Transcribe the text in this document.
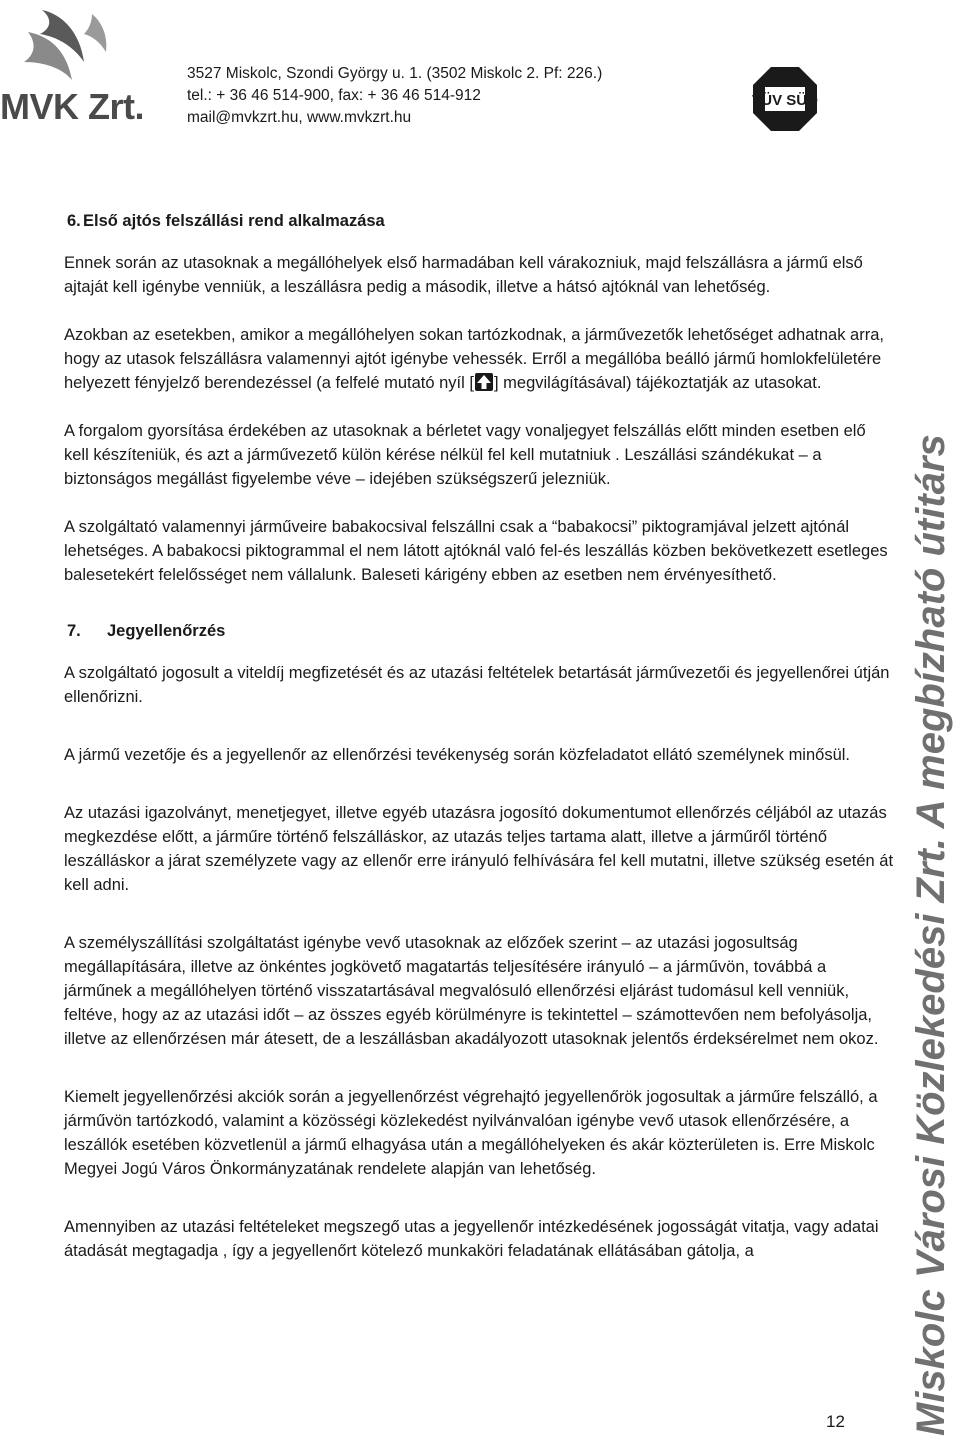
MVK Zrt.
3527 Miskolc, Szondi György u. 1. (3502 Miskolc 2. Pf: 226.)
tel.: + 36 46 514-900, fax: + 36 46 514-912
mail@mvkzrt.hu, www.mvkzrt.hu
TÜV SÜD
6. Első ajtós felszállási rend alkalmazása

Ennek során az utasoknak a megállóhelyek első harmadában kell várakozniuk, majd felszállásra a jármű első ajtaját kell igénybe venniük, a leszállásra pedig a második, illetve a hátsó ajtóknál van lehetőség.

Azokban az esetekben, amikor a megállóhelyen sokan tartózkodnak, a járművezetők lehetőséget adhatnak arra, hogy az utasok felszállásra valamennyi ajtót igénybe vehessék. Erről a megállóba beálló jármű homlokfelületére helyezett fényjelző berendezéssel (a felfelé mutató nyíl [ ] megvilágításával) tájékoztatják az utasokat.

A forgalom gyorsítása érdekében az utasoknak a bérletet vagy vonaljegyet felszállás előtt minden esetben elő kell készíteniük, és azt a járművezető külön kérése nélkül fel kell mutatniuk . Leszállási szándékukat – a biztonságos megállást figyelembe véve – idejében szükségszerű jelezniük.

A szolgáltató valamennyi járműveire babakocsival felszállni csak a “babakocsi” piktogramjával jelzett ajtónál lehetséges. A babakocsi piktogrammal el nem látott ajtóknál való fel-és leszállás közben bekövetkezett esetleges balesetekért felelősséget nem vállalunk. Baleseti kárigény ebben az esetben nem érvényesíthető.

7. Jegyellenőrzés

A szolgáltató jogosult a viteldíj megfizetését és az utazási feltételek betartását járművezetői és jegyellenőrei útján ellenőrizni.

A jármű vezetője és a jegyellenőr az ellenőrzési tevékenység során közfeladatot ellátó személynek minősül.

Az utazási igazolványt, menetjegyet, illetve egyéb utazásra jogosító dokumentumot ellenőrzés céljából az utazás megkezdése előtt, a járműre történő felszálláskor, az utazás teljes tartama alatt, illetve a járműről történő leszálláskor a járat személyzete vagy az ellenőr erre irányuló felhívására fel kell mutatni, illetve szükség esetén át kell adni.

A személyszállítási szolgáltatást igénybe vevő utasoknak az előzőek szerint – az utazási jogosultság megállapítására, illetve az önkéntes jogkövető magatartás teljesítésére irányuló – a járművön, továbbá a járműnek a megállóhelyen történő visszatartásával megvalósuló ellenőrzési eljárást tudomásul kell venniük, feltéve, hogy az az utazási időt – az összes egyéb körülményre is tekintettel – számottevően nem befolyásolja, illetve az ellenőrzésen már átesett, de a leszállásban akadályozott utasoknak jelentős érdeksérelmet nem okoz.

Kiemelt jegyellenőrzési akciók során a jegyellenőrzést végrehajtó jegyellenőrök jogosultak a járműre felszálló, a járművön tartózkodó, valamint a közösségi közlekedést nyilvánvalóan igénybe vevő utasok ellenőrzésére, a leszállók esetében közvetlenül a jármű elhagyása után a megállóhelyeken és akár közterületen is. Erre Miskolc Megyei Jogú Város Önkormányzatának rendelete alapján van lehetőség.

Amennyiben az utazási feltételeket megszegő utas a jegyellenőr intézkedésének jogosságát vitatja, vagy adatai átadását megtagadja , így a jegyellenőrt kötelező munkaköri feladatának ellátásában gátolja, a	Miskolc Városi Közlekedési Zrt. A megbízható útitárs
12
